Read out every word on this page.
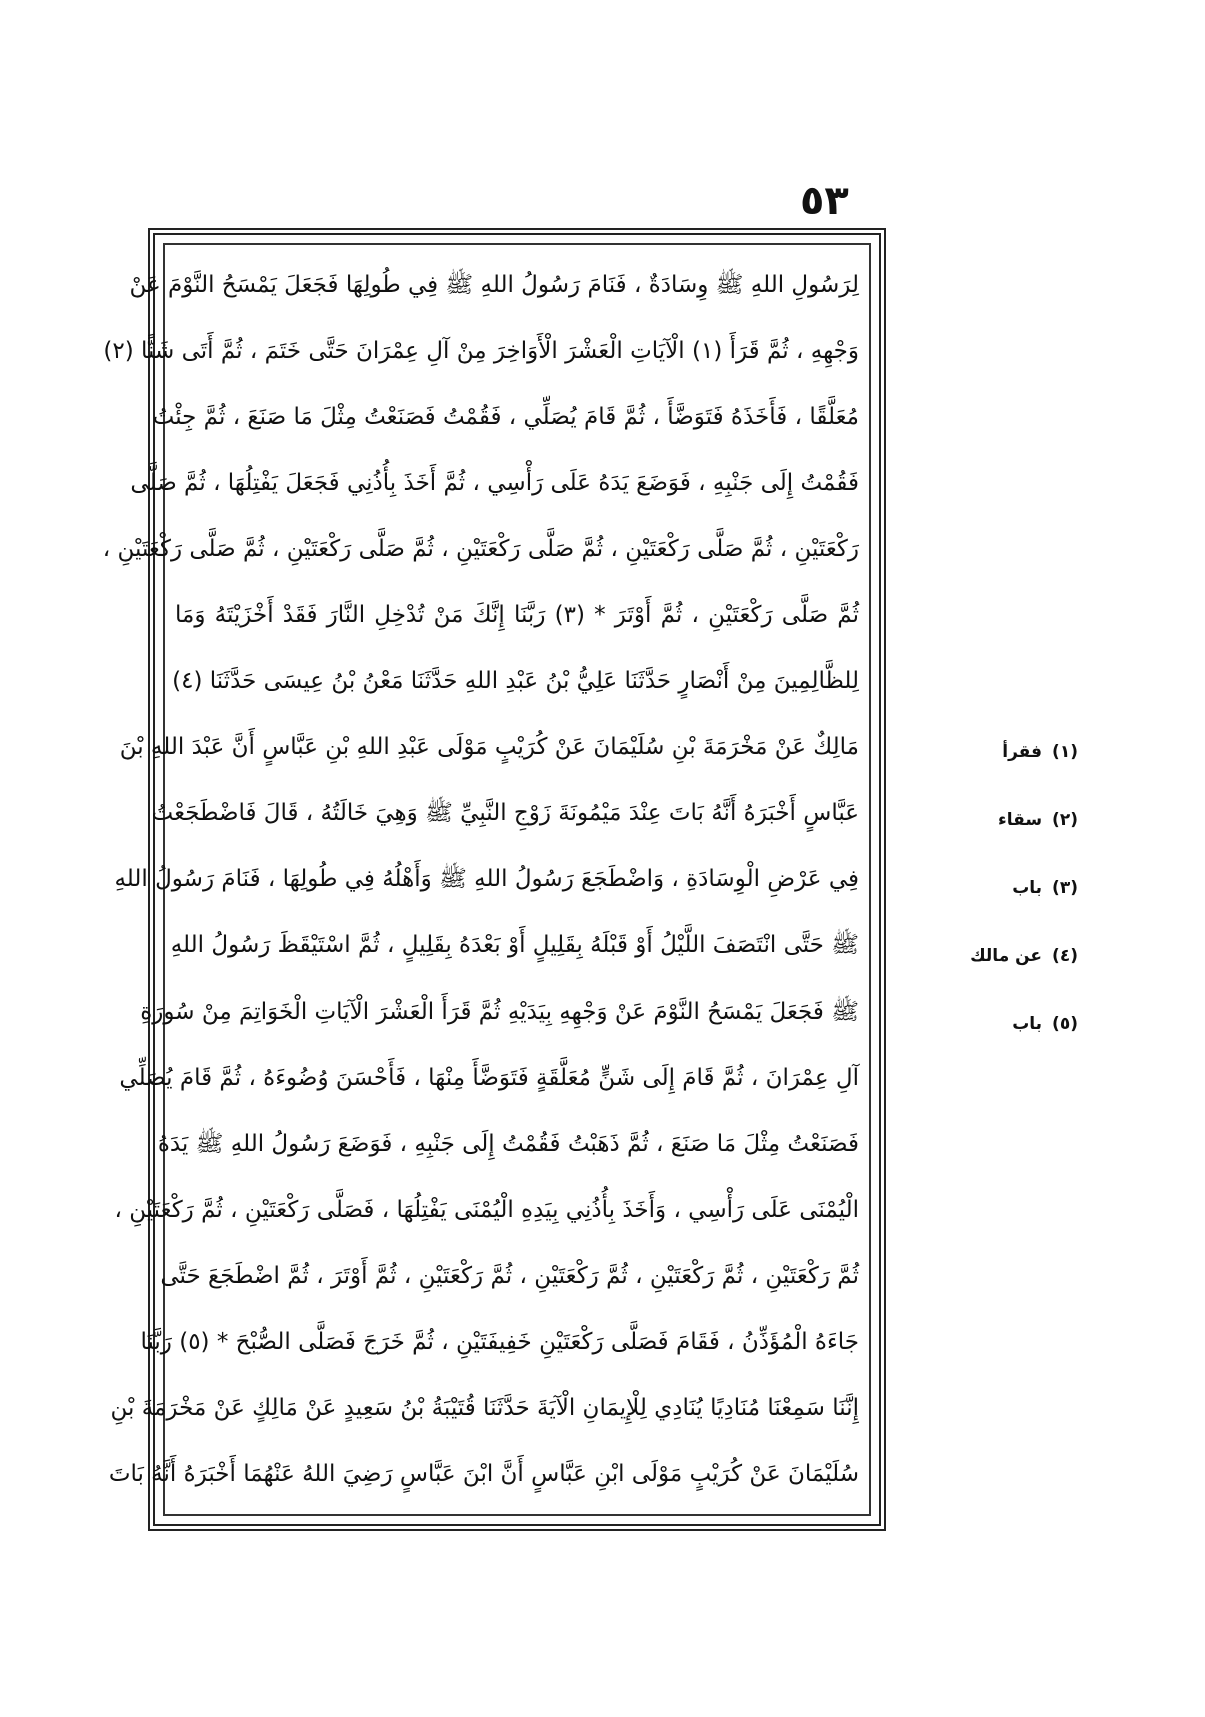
٥٣
لِرَسُولِ اللهِ ﷺ وِسَادَةٌ ، فَنَامَ رَسُولُ اللهِ ﷺ فِي طُولِهَا فَجَعَلَ يَمْسَحُ النَّوْمَ عَنْ
وَجْهِهِ ، ثُمَّ قَرَأَ (١) الْآيَاتِ الْعَشْرَ الْأَوَاخِرَ مِنْ آلِ عِمْرَانَ حَتَّى خَتَمَ ، ثُمَّ أَتَى شَنًّا (٢)
مُعَلَّقًا ، فَأَخَذَهُ فَتَوَضَّأَ ، ثُمَّ قَامَ يُصَلِّي ، فَقُمْتُ فَصَنَعْتُ مِثْلَ مَا صَنَعَ ، ثُمَّ جِئْتُ
فَقُمْتُ إِلَى جَنْبِهِ ، فَوَضَعَ يَدَهُ عَلَى رَأْسِي ، ثُمَّ أَخَذَ بِأُذُنِي فَجَعَلَ يَفْتِلُهَا ، ثُمَّ صَلَّى
رَكْعَتَيْنِ ، ثُمَّ صَلَّى رَكْعَتَيْنِ ، ثُمَّ صَلَّى رَكْعَتَيْنِ ، ثُمَّ صَلَّى رَكْعَتَيْنِ ، ثُمَّ صَلَّى رَكْعَتَيْنِ ،
ثُمَّ صَلَّى رَكْعَتَيْنِ ، ثُمَّ أَوْتَرَ * (٣) رَبَّنَا إِنَّكَ مَنْ تُدْخِلِ النَّارَ فَقَدْ أَخْزَيْتَهُ وَمَا
لِلظَّالِمِينَ مِنْ أَنْصَارٍ حَدَّثَنَا عَلِيُّ بْنُ عَبْدِ اللهِ حَدَّثَنَا مَعْنُ بْنُ عِيسَى حَدَّثَنَا (٤)
مَالِكٌ عَنْ مَخْرَمَةَ بْنِ سُلَيْمَانَ عَنْ كُرَيْبٍ مَوْلَى عَبْدِ اللهِ بْنِ عَبَّاسٍ أَنَّ عَبْدَ اللهِ بْنَ
عَبَّاسٍ أَخْبَرَهُ أَنَّهُ بَاتَ عِنْدَ مَيْمُونَةَ زَوْجِ النَّبِيِّ ﷺ وَهِيَ خَالَتُهُ ، قَالَ فَاضْطَجَعْتُ
فِي عَرْضِ الْوِسَادَةِ ، وَاضْطَجَعَ رَسُولُ اللهِ ﷺ وَأَهْلُهُ فِي طُولِهَا ، فَنَامَ رَسُولُ اللهِ
ﷺ حَتَّى انْتَصَفَ اللَّيْلُ أَوْ قَبْلَهُ بِقَلِيلٍ أَوْ بَعْدَهُ بِقَلِيلٍ ، ثُمَّ اسْتَيْقَظَ رَسُولُ اللهِ
ﷺ فَجَعَلَ يَمْسَحُ النَّوْمَ عَنْ وَجْهِهِ بِيَدَيْهِ ثُمَّ قَرَأَ الْعَشْرَ الْآيَاتِ الْخَوَاتِمَ مِنْ سُورَةِ
آلِ عِمْرَانَ ، ثُمَّ قَامَ إِلَى شَنٍّ مُعَلَّقَةٍ فَتَوَضَّأَ مِنْهَا ، فَأَحْسَنَ وُضُوءَهُ ، ثُمَّ قَامَ يُصَلِّي
فَصَنَعْتُ مِثْلَ مَا صَنَعَ ، ثُمَّ ذَهَبْتُ فَقُمْتُ إِلَى جَنْبِهِ ، فَوَضَعَ رَسُولُ اللهِ ﷺ يَدَهُ
الْيُمْنَى عَلَى رَأْسِي ، وَأَخَذَ بِأُذُنِي بِيَدِهِ الْيُمْنَى يَفْتِلُهَا ، فَصَلَّى رَكْعَتَيْنِ ، ثُمَّ رَكْعَتَيْنِ ،
ثُمَّ رَكْعَتَيْنِ ، ثُمَّ رَكْعَتَيْنِ ، ثُمَّ رَكْعَتَيْنِ ، ثُمَّ رَكْعَتَيْنِ ، ثُمَّ أَوْتَرَ ، ثُمَّ اضْطَجَعَ حَتَّى
جَاءَهُ الْمُؤَذِّنُ ، فَقَامَ فَصَلَّى رَكْعَتَيْنِ خَفِيفَتَيْنِ ، ثُمَّ خَرَجَ فَصَلَّى الصُّبْحَ * (٥) رَبَّنَا
إِنَّنَا سَمِعْنَا مُنَادِيًا يُنَادِي لِلْإِيمَانِ الْآيَةَ حَدَّثَنَا قُتَيْبَةُ بْنُ سَعِيدٍ عَنْ مَالِكٍ عَنْ مَخْرَمَةَ بْنِ
سُلَيْمَانَ عَنْ كُرَيْبٍ مَوْلَى ابْنِ عَبَّاسٍ أَنَّ ابْنَ عَبَّاسٍ رَضِيَ اللهُ عَنْهُمَا أَخْبَرَهُ أَنَّهُ بَاتَ
(١)
فقرأ
(٢)
سقاء
(٣)
باب
(٤)
عن مالك
(٥)
باب
